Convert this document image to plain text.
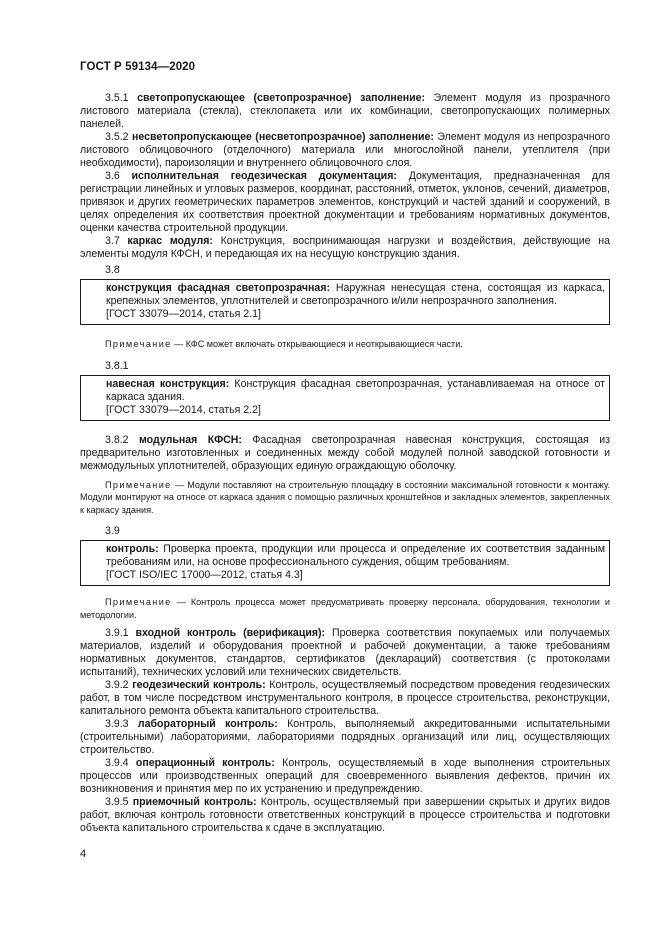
ГОСТ Р 59134—2020

3.5.1 светопропускающее (светопрозрачное) заполнение: Элемент модуля из прозрачного листового материала (стекла), стеклопакета или их комбинации, светопропускающих полимерных панелей.

3.5.2 несветопропускающее (несветопрозрачное) заполнение: Элемент модуля из непрозрачного листового облицовочного (отделочного) материала или многослойной панели, утеплителя (при необходимости), пароизоляции и внутреннего облицовочного слоя.

3.6 исполнительная геодезическая документация: Документация, предназначенная для регистрации линейных и угловых размеров, координат, расстояний, отметок, уклонов, сечений, диаметров, привязок и других геометрических параметров элементов, конструкций и частей зданий и сооружений, в целях определения их соответствия проектной документации и требованиям нормативных документов, оценки качества строительной продукции.

3.7 каркас модуля: Конструкция, воспринимающая нагрузки и воздействия, действующие на элементы модуля КФСН, и передающая их на несущую конструкцию здания.

3.8

конструкция фасадная светопрозрачная: Наружная ненесущая стена, состоящая из каркаса, крепежных элементов, уплотнителей и светопрозрачного и/или непрозрачного заполнения.

[ГОСТ 33079—2014, статья 2.1]

Примечание — КФС может включать открывающиеся и неоткрывающиеся части.

3.8.1

навесная конструкция: Конструкция фасадная светопрозрачная, устанавливаемая на относе от каркаса здания.

[ГОСТ 33079—2014, статья 2.2]

3.8.2 модульная КФСН: Фасадная светопрозрачная навесная конструкция, состоящая из предварительно изготовленных и соединенных между собой модулей полной заводской готовности и межмодульных уплотнителей, образующих единую ограждающую оболочку.

Примечание — Модули поставляют на строительную площадку в состоянии максимальной готовности к монтажу. Модули монтируют на относе от каркаса здания с помощью различных кронштейнов и закладных элементов, закрепленных к каркасу здания.

3.9

контроль: Проверка проекта, продукции или процесса и определение их соответствия заданным требованиям или, на основе профессионального суждения, общим требованиям.

[ГОСТ ISO/IEC 17000—2012, статья 4.3]

Примечание — Контроль процесса может предусматривать проверку персонала, оборудования, технологии и методологии.

3.9.1 входной контроль (верификация): Проверка соответствия покупаемых или получаемых материалов, изделий и оборудования проектной и рабочей документации, а также требованиям нормативных документов, стандартов, сертификатов (деклараций) соответствия (с протоколами испытаний), технических условий или технических свидетельств.

3.9.2 геодезический контроль: Контроль, осуществляемый посредством проведения геодезических работ, в том числе посредством инструментального контроля, в процессе строительства, реконструкции, капитального ремонта объекта капитального строительства.

3.9.3 лабораторный контроль: Контроль, выполняемый аккредитованными испытательными (строительными) лабораториями, лабораториями подрядных организаций или лиц, осуществляющих строительство.

3.9.4 операционный контроль: Контроль, осуществляемый в ходе выполнения строительных процессов или производственных операций для своевременного выявления дефектов, причин их возникновения и принятия мер по их устранению и предупреждению.

3.9.5 приемочный контроль: Контроль, осуществляемый при завершении скрытых и других видов работ, включая контроль готовности ответственных конструкций в процессе строительства и подготовки объекта капитального строительства к сдаче в эксплуатацию.

4
